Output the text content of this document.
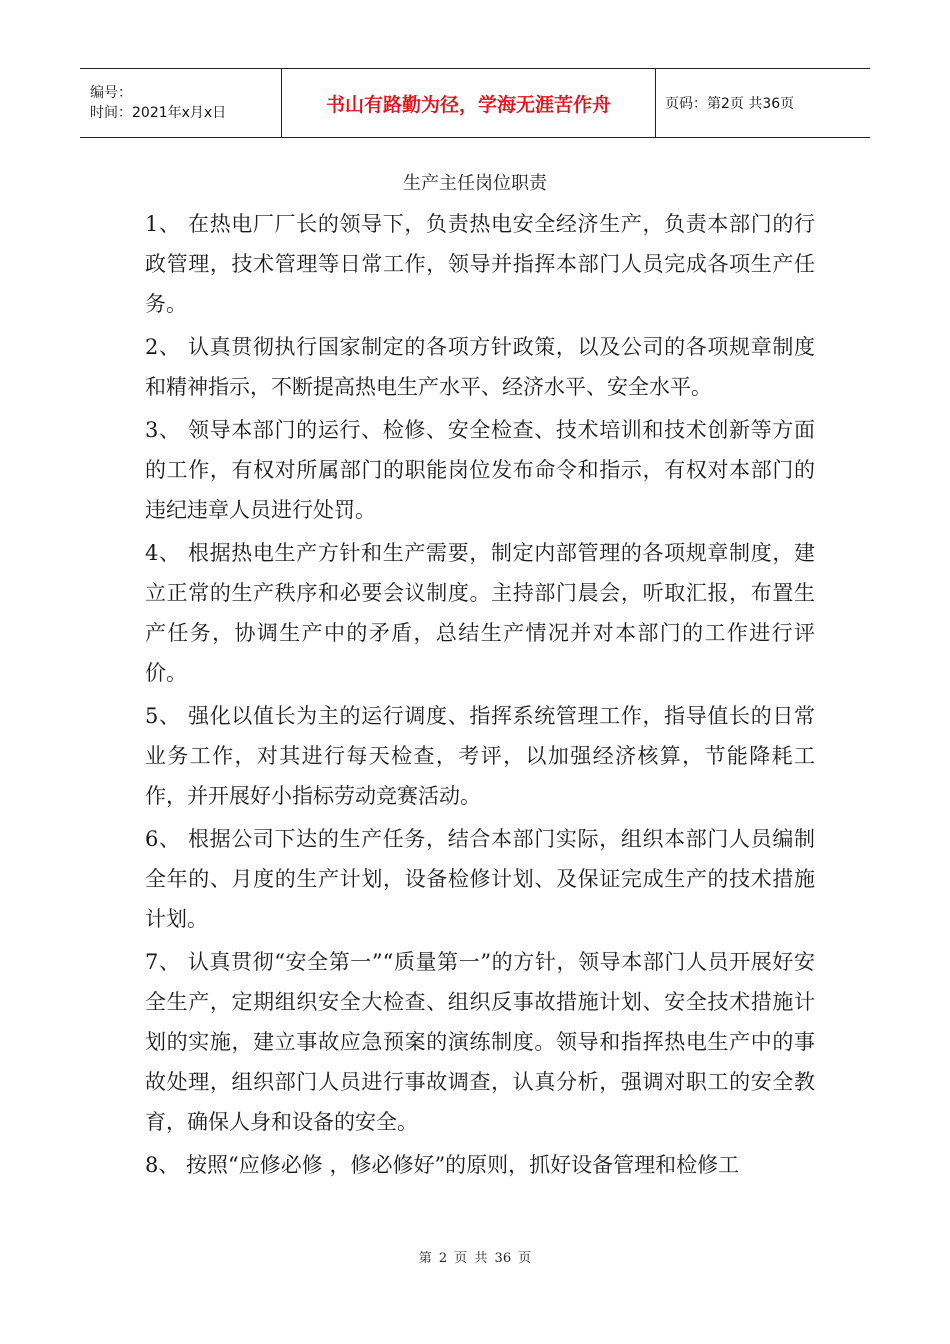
编号：
时间：2021年x月x日	书山有路勤为径，学海无涯苦作舟	页码：第2页 共36页
生产主任岗位职责

1、 在热电厂厂长的领导下，负责热电安全经济生产，负责本部门的行政管理，技术管理等日常工作，领导并指挥本部门人员完成各项生产任务。

2、 认真贯彻执行国家制定的各项方针政策，以及公司的各项规章制度和精神指示，不断提高热电生产水平、经济水平、安全水平。

3、 领导本部门的运行、检修、安全检查、技术培训和技术创新等方面的工作，有权对所属部门的职能岗位发布命令和指示，有权对本部门的违纪违章人员进行处罚。

4、 根据热电生产方针和生产需要，制定内部管理的各项规章制度，建立正常的生产秩序和必要会议制度。主持部门晨会，听取汇报，布置生产任务，协调生产中的矛盾，总结生产情况并对本部门的工作进行评价。

5、 强化以值长为主的运行调度、指挥系统管理工作，指导值长的日常业务工作，对其进行每天检查，考评，以加强经济核算，节能降耗工作，并开展好小指标劳动竞赛活动。

6、 根据公司下达的生产任务，结合本部门实际，组织本部门人员编制全年的、月度的生产计划，设备检修计划、及保证完成生产的技术措施计划。

7、 认真贯彻“安全第一”“质量第一”的方针，领导本部门人员开展好安全生产，定期组织安全大检查、组织反事故措施计划、安全技术措施计划的实施，建立事故应急预案的演练制度。领导和指挥热电生产中的事故处理，组织部门人员进行事故调查，认真分析，强调对职工的安全教育，确保人身和设备的安全。

8、 按照“应修必修 ，修必修好”的原则，抓好设备管理和检修工

第 2 页 共 36 页
